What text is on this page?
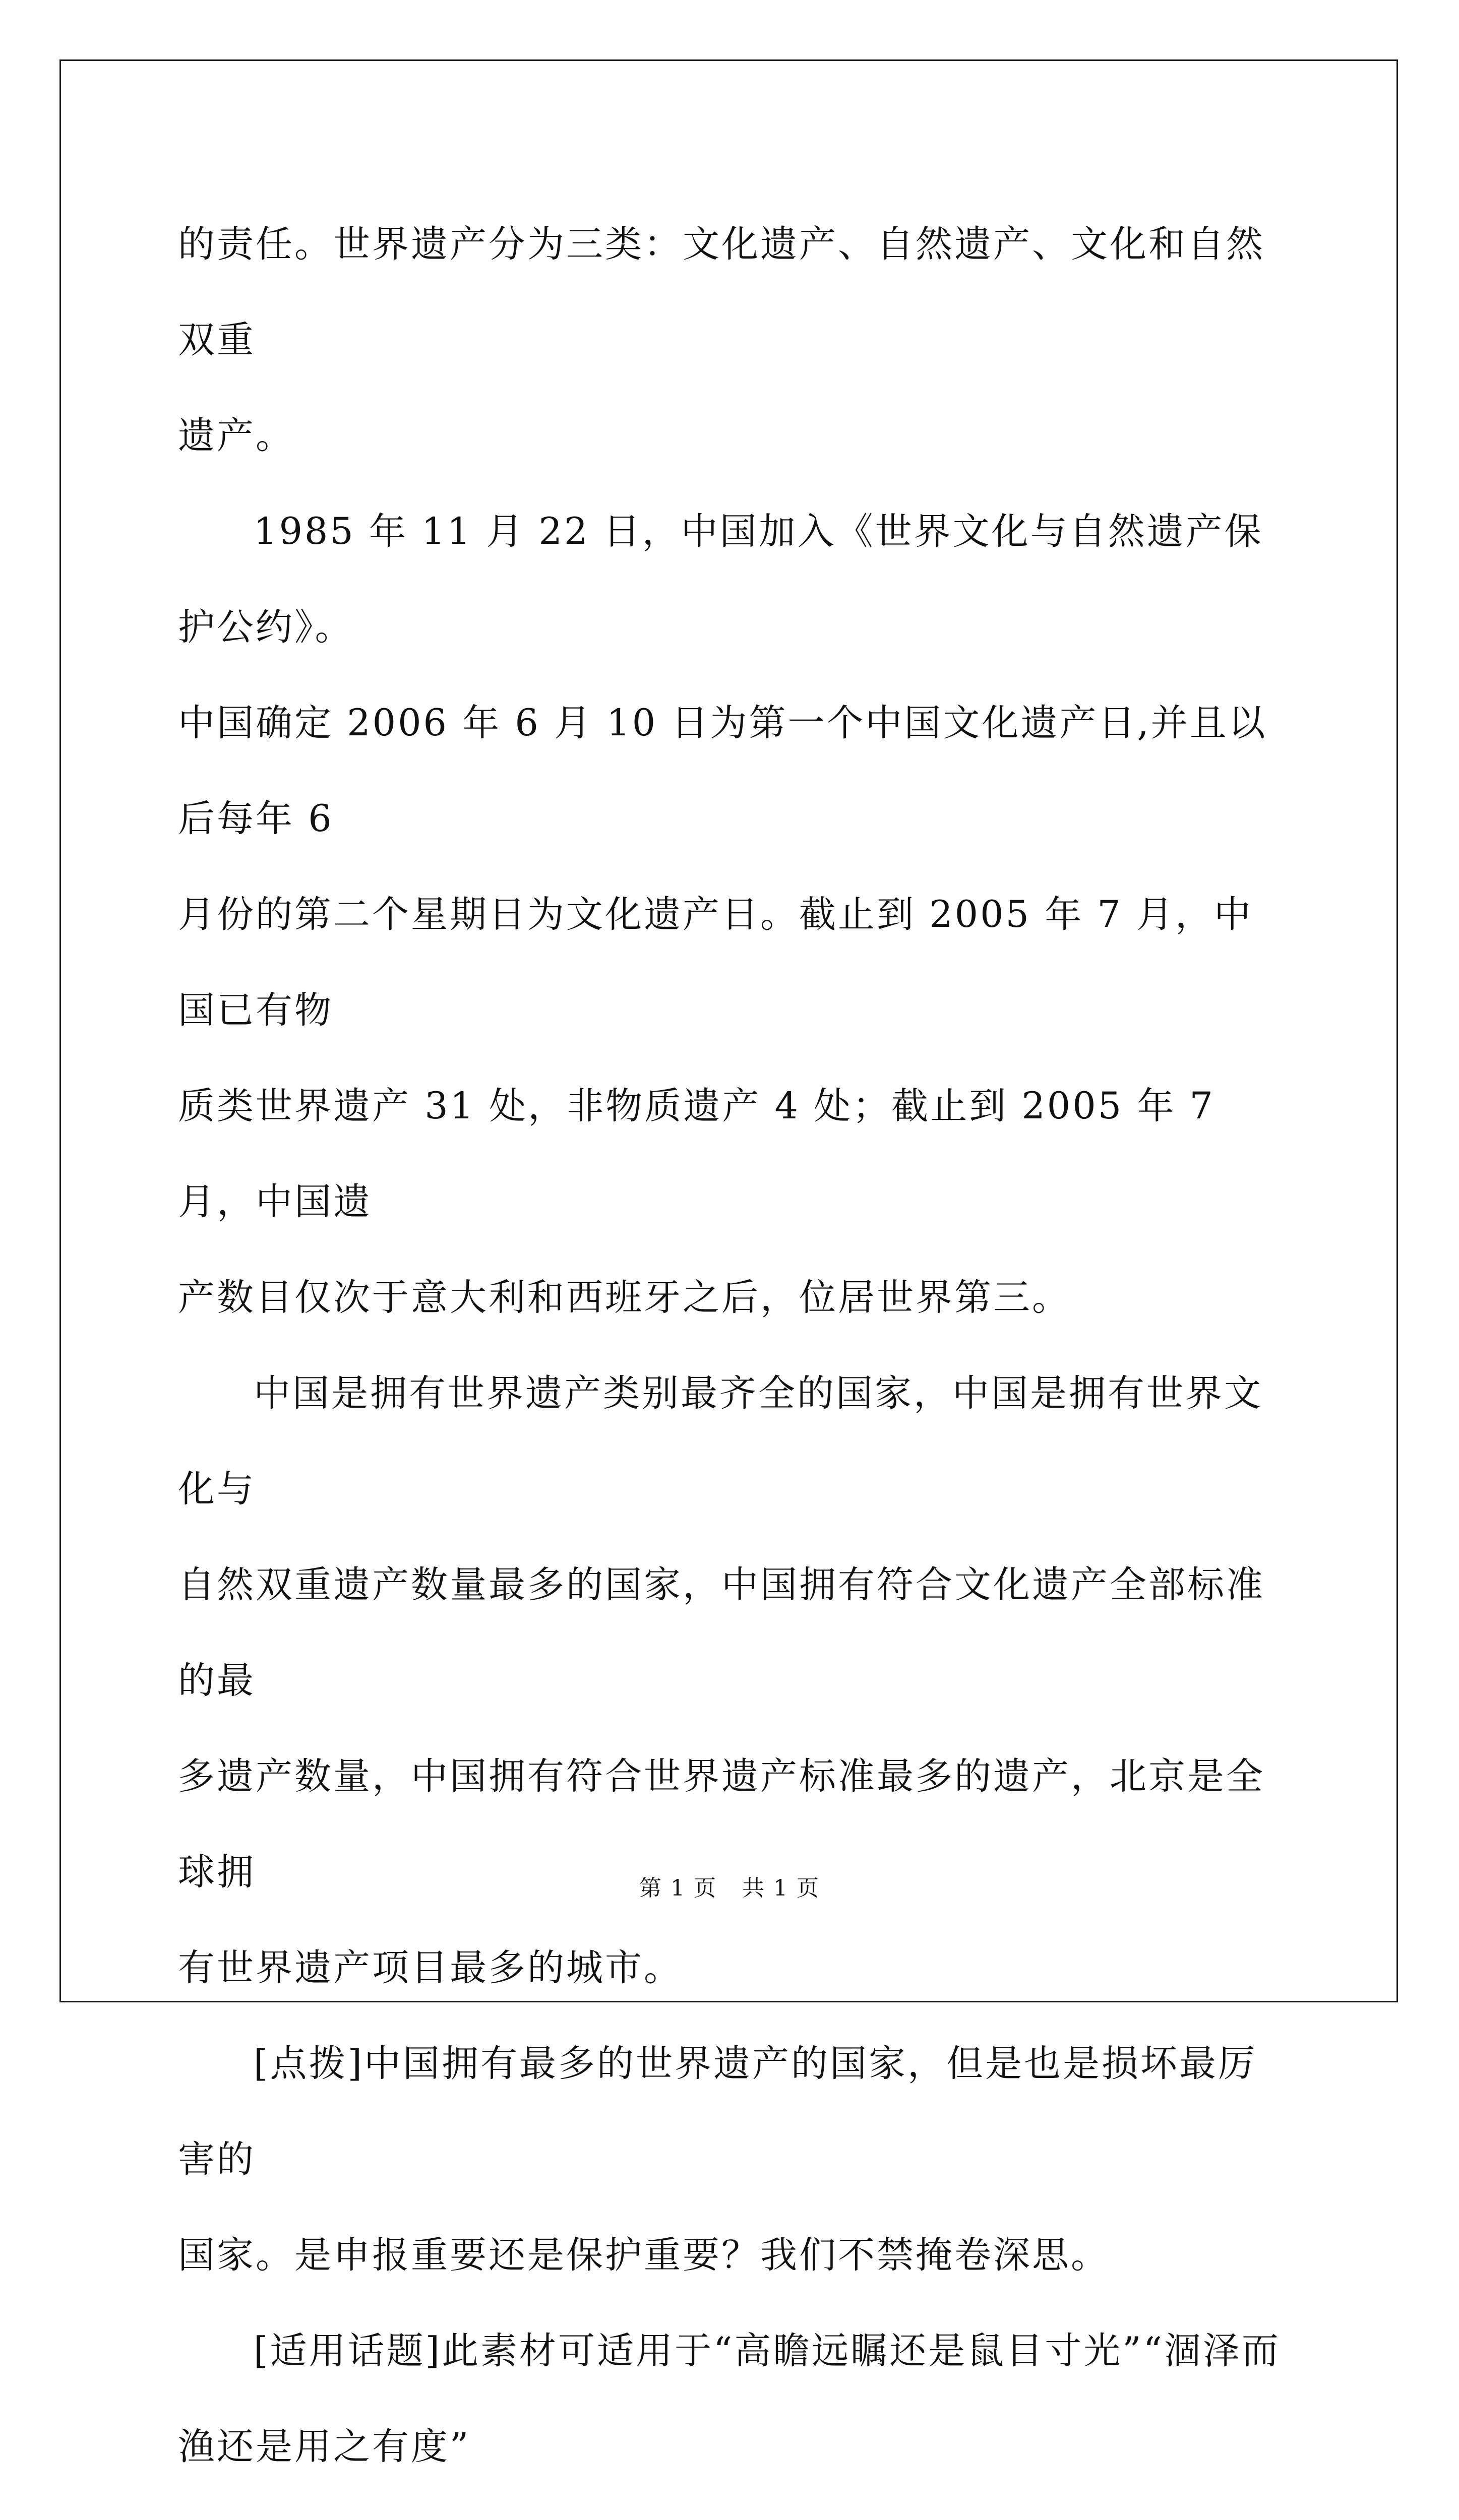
的责任。世界遗产分为三类：文化遗产、自然遗产、文化和自然双重
遗产。

1985 年 11 月 22 日，中国加入《世界文化与自然遗产保护公约》。
中国确定 2006 年 6 月 10 日为第一个中国文化遗产日,并且以后每年 6
月份的第二个星期日为文化遗产日。截止到 2005 年 7 月，中国已有物
质类世界遗产 31 处，非物质遗产 4 处；截止到 2005 年 7 月，中国遗
产数目仅次于意大利和西班牙之后，位居世界第三。

中国是拥有世界遗产类别最齐全的国家，中国是拥有世界文化与
自然双重遗产数量最多的国家，中国拥有符合文化遗产全部标准的最
多遗产数量，中国拥有符合世界遗产标准最多的遗产，北京是全球拥
有世界遗产项目最多的城市。

[点拨]中国拥有最多的世界遗产的国家，但是也是损坏最厉害的
国家。是申报重要还是保护重要？我们不禁掩卷深思。

[适用话题]此素材可适用于“高瞻远瞩还是鼠目寸光”“涸泽而
渔还是用之有度”

第 1 页 共 1 页
